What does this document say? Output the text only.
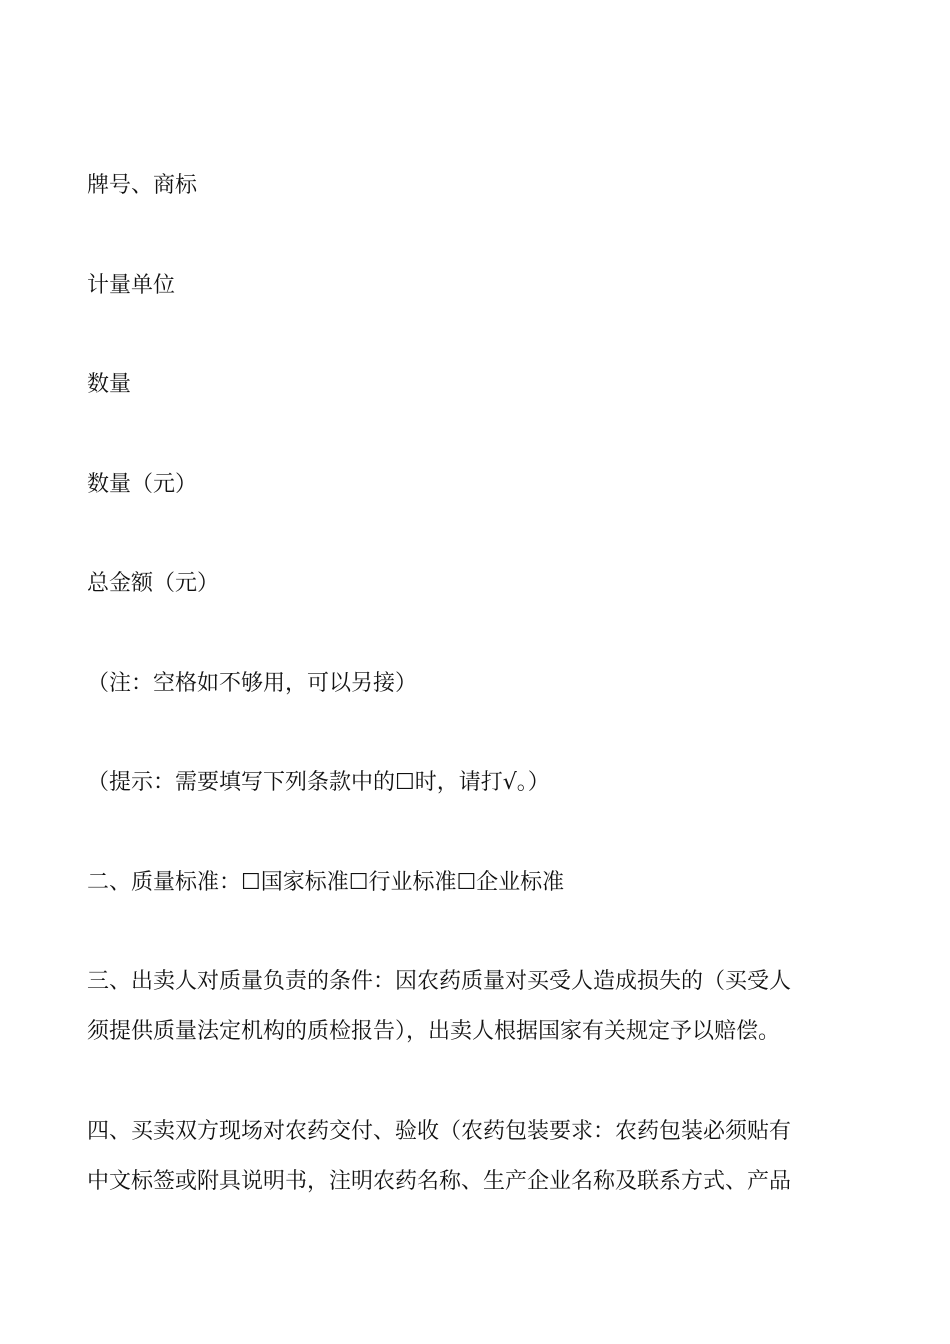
牌号、商标
计量单位
数量
数量（元）
总金额（元）
（注：空格如不够用，可以另接）
（提示：需要填写下列条款中的☐时，请打√。）
二、质量标准：☐国家标准☐行业标准☐企业标准
三、出卖人对质量负责的条件：因农药质量对买受人造成损失的（买受人
须提供质量法定机构的质检报告），出卖人根据国家有关规定予以赔偿。
四、买卖双方现场对农药交付、验收（农药包装要求：农药包装必须贴有
中文标签或附具说明书，注明农药名称、生产企业名称及联系方式、产品
